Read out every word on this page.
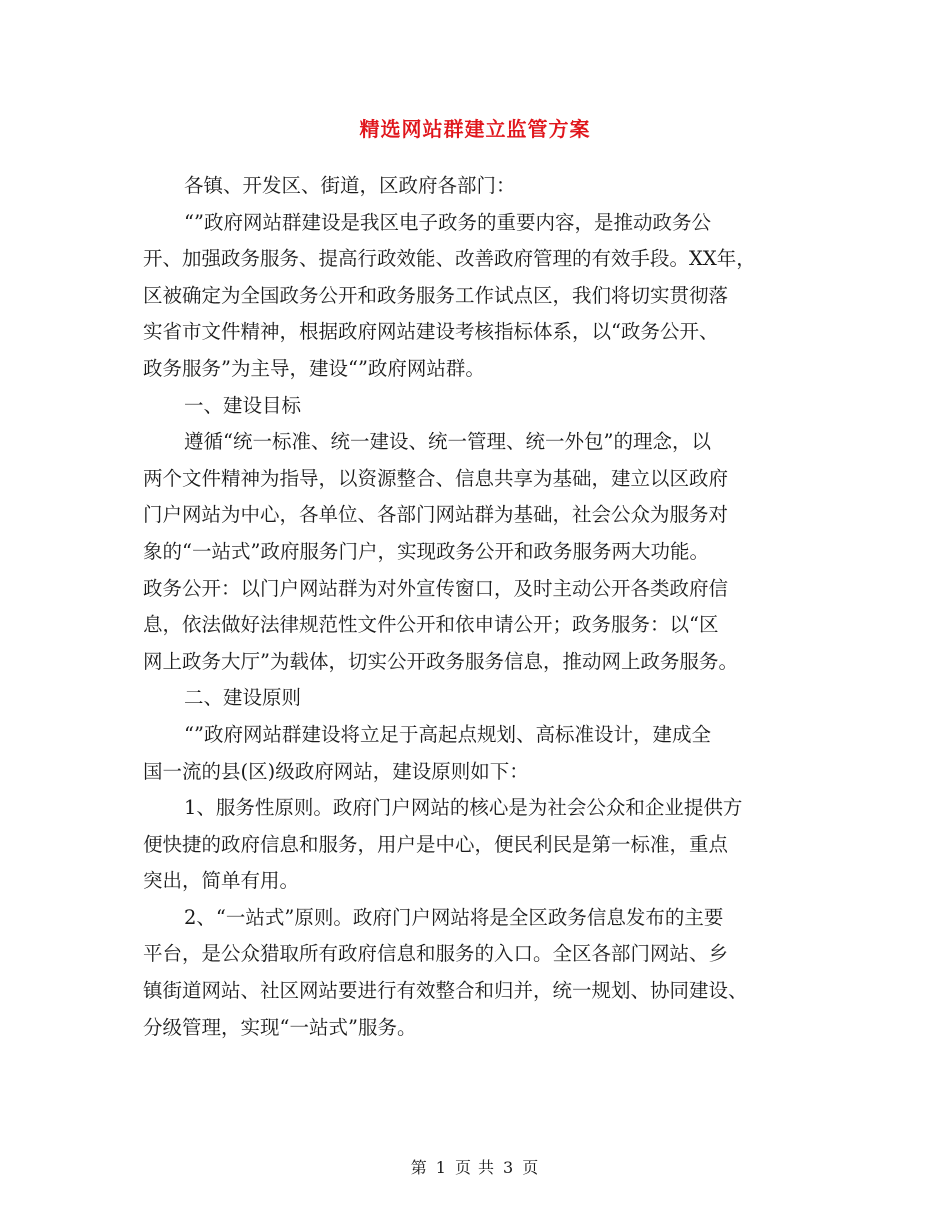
精选网站群建立监管方案
各镇、开发区、街道，区政府各部门：
“”政府网站群建设是我区电子政务的重要内容，是推动政务公
开、加强政务服务、提高行政效能、改善政府管理的有效手段。XX年，
区被确定为全国政务公开和政务服务工作试点区，我们将切实贯彻落
实省市文件精神，根据政府网站建设考核指标体系，以“政务公开、
政务服务”为主导，建设“”政府网站群。
一、建设目标
遵循“统一标准、统一建设、统一管理、统一外包”的理念，以
两个文件精神为指导，以资源整合、信息共享为基础，建立以区政府
门户网站为中心，各单位、各部门网站群为基础，社会公众为服务对
象的“一站式”政府服务门户，实现政务公开和政务服务两大功能。
政务公开：以门户网站群为对外宣传窗口，及时主动公开各类政府信
息，依法做好法律规范性文件公开和依申请公开；政务服务：以“区
网上政务大厅”为载体，切实公开政务服务信息，推动网上政务服务。
二、建设原则
“”政府网站群建设将立足于高起点规划、高标准设计，建成全
国一流的县(区)级政府网站，建设原则如下：
1、服务性原则。政府门户网站的核心是为社会公众和企业提供方
便快捷的政府信息和服务，用户是中心，便民利民是第一标准，重点
突出，简单有用。
2、“一站式”原则。政府门户网站将是全区政务信息发布的主要
平台，是公众猎取所有政府信息和服务的入口。全区各部门网站、乡
镇街道网站、社区网站要进行有效整合和归并，统一规划、协同建设、
分级管理，实现“一站式”服务。
第 1 页 共 3 页
